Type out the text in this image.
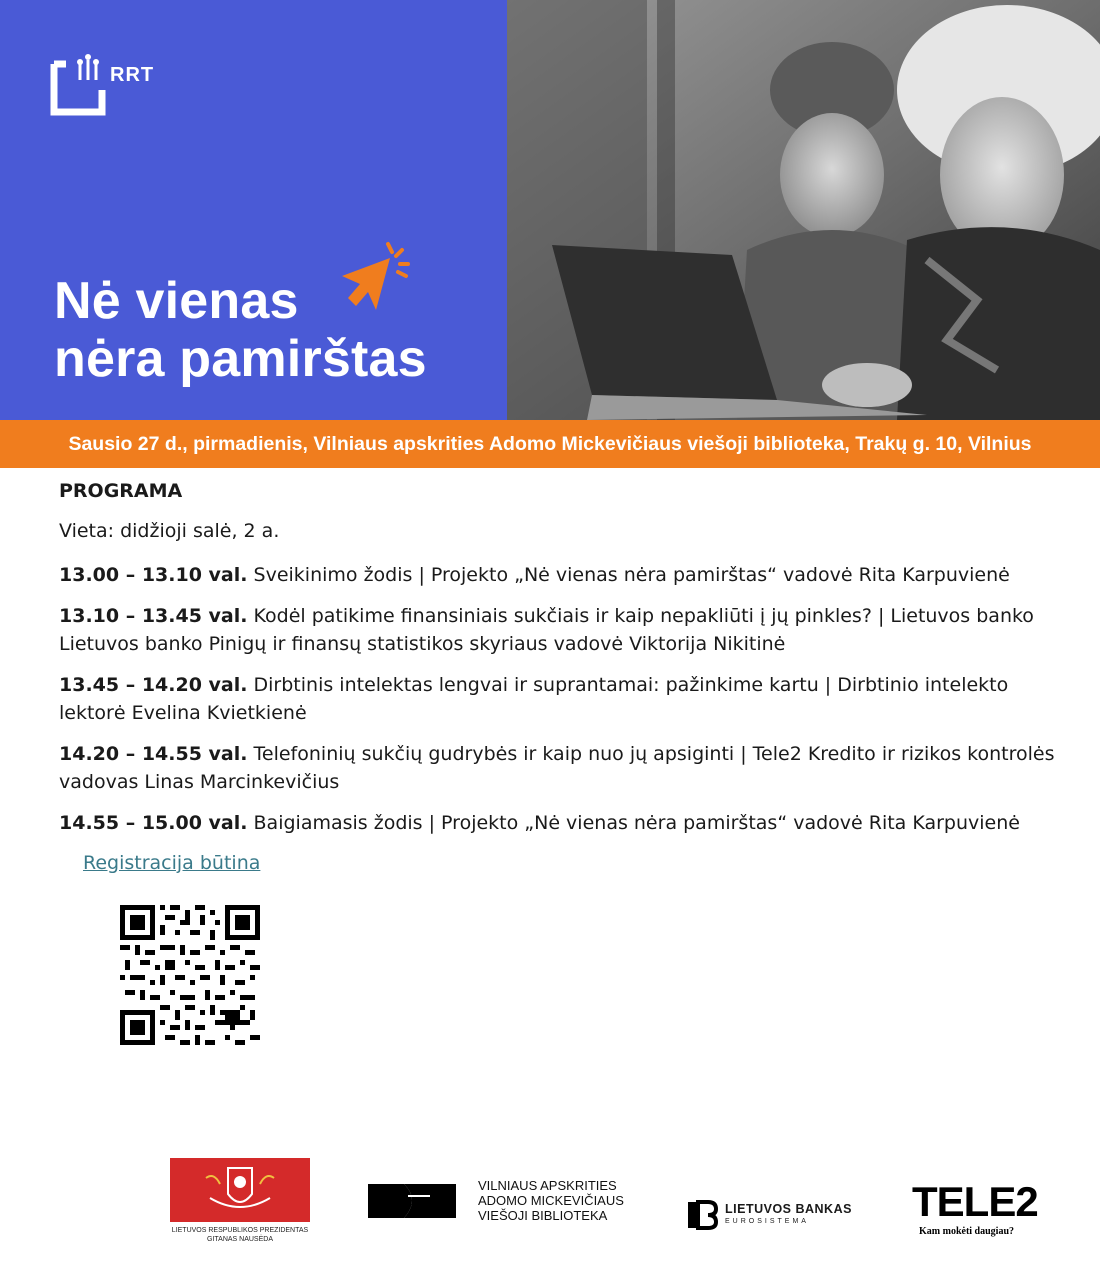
RRT
Nė vienas
nėra pamirštas
Sausio 27 d., pirmadienis, Vilniaus apskrities Adomo Mickevičiaus viešoji biblioteka, Trakų g. 10, Vilnius
PROGRAMA
Vieta: didžioji salė, 2 a.
13.00 – 13.10 val. Sveikinimo žodis | Projekto „Nė vienas nėra pamirštas“ vadovė Rita Karpuvienė
13.10 – 13.45 val. Kodėl patikime finansiniais sukčiais ir kaip nepakliūti į jų pinkles? | Lietuvos banko Lietuvos banko Pinigų ir finansų statistikos skyriaus vadovė Viktorija Nikitinė
13.45 – 14.20 val. Dirbtinis intelektas lengvai ir suprantamai: pažinkime kartu | Dirbtinio intelekto lektorė Evelina Kvietkienė
14.20 – 14.55 val. Telefoninių sukčių gudrybės ir kaip nuo jų apsiginti | Tele2 Kredito ir rizikos kontrolės vadovas Linas Marcinkevičius
14.55 – 15.00 val. Baigiamasis žodis | Projekto „Nė vienas nėra pamirštas“ vadovė Rita Karpuvienė
Registracija būtina
LIETUVOS RESPUBLIKOS PREZIDENTAS
GITANAS NAUSĖDA
VILNIAUS APSKRITIES
ADOMO MICKEVIČIAUS
VIEŠOJI BIBLIOTEKA	LIETUVOS BANKAS
EUROSISTEMA TELE2
Kam mokėti daugiau?
